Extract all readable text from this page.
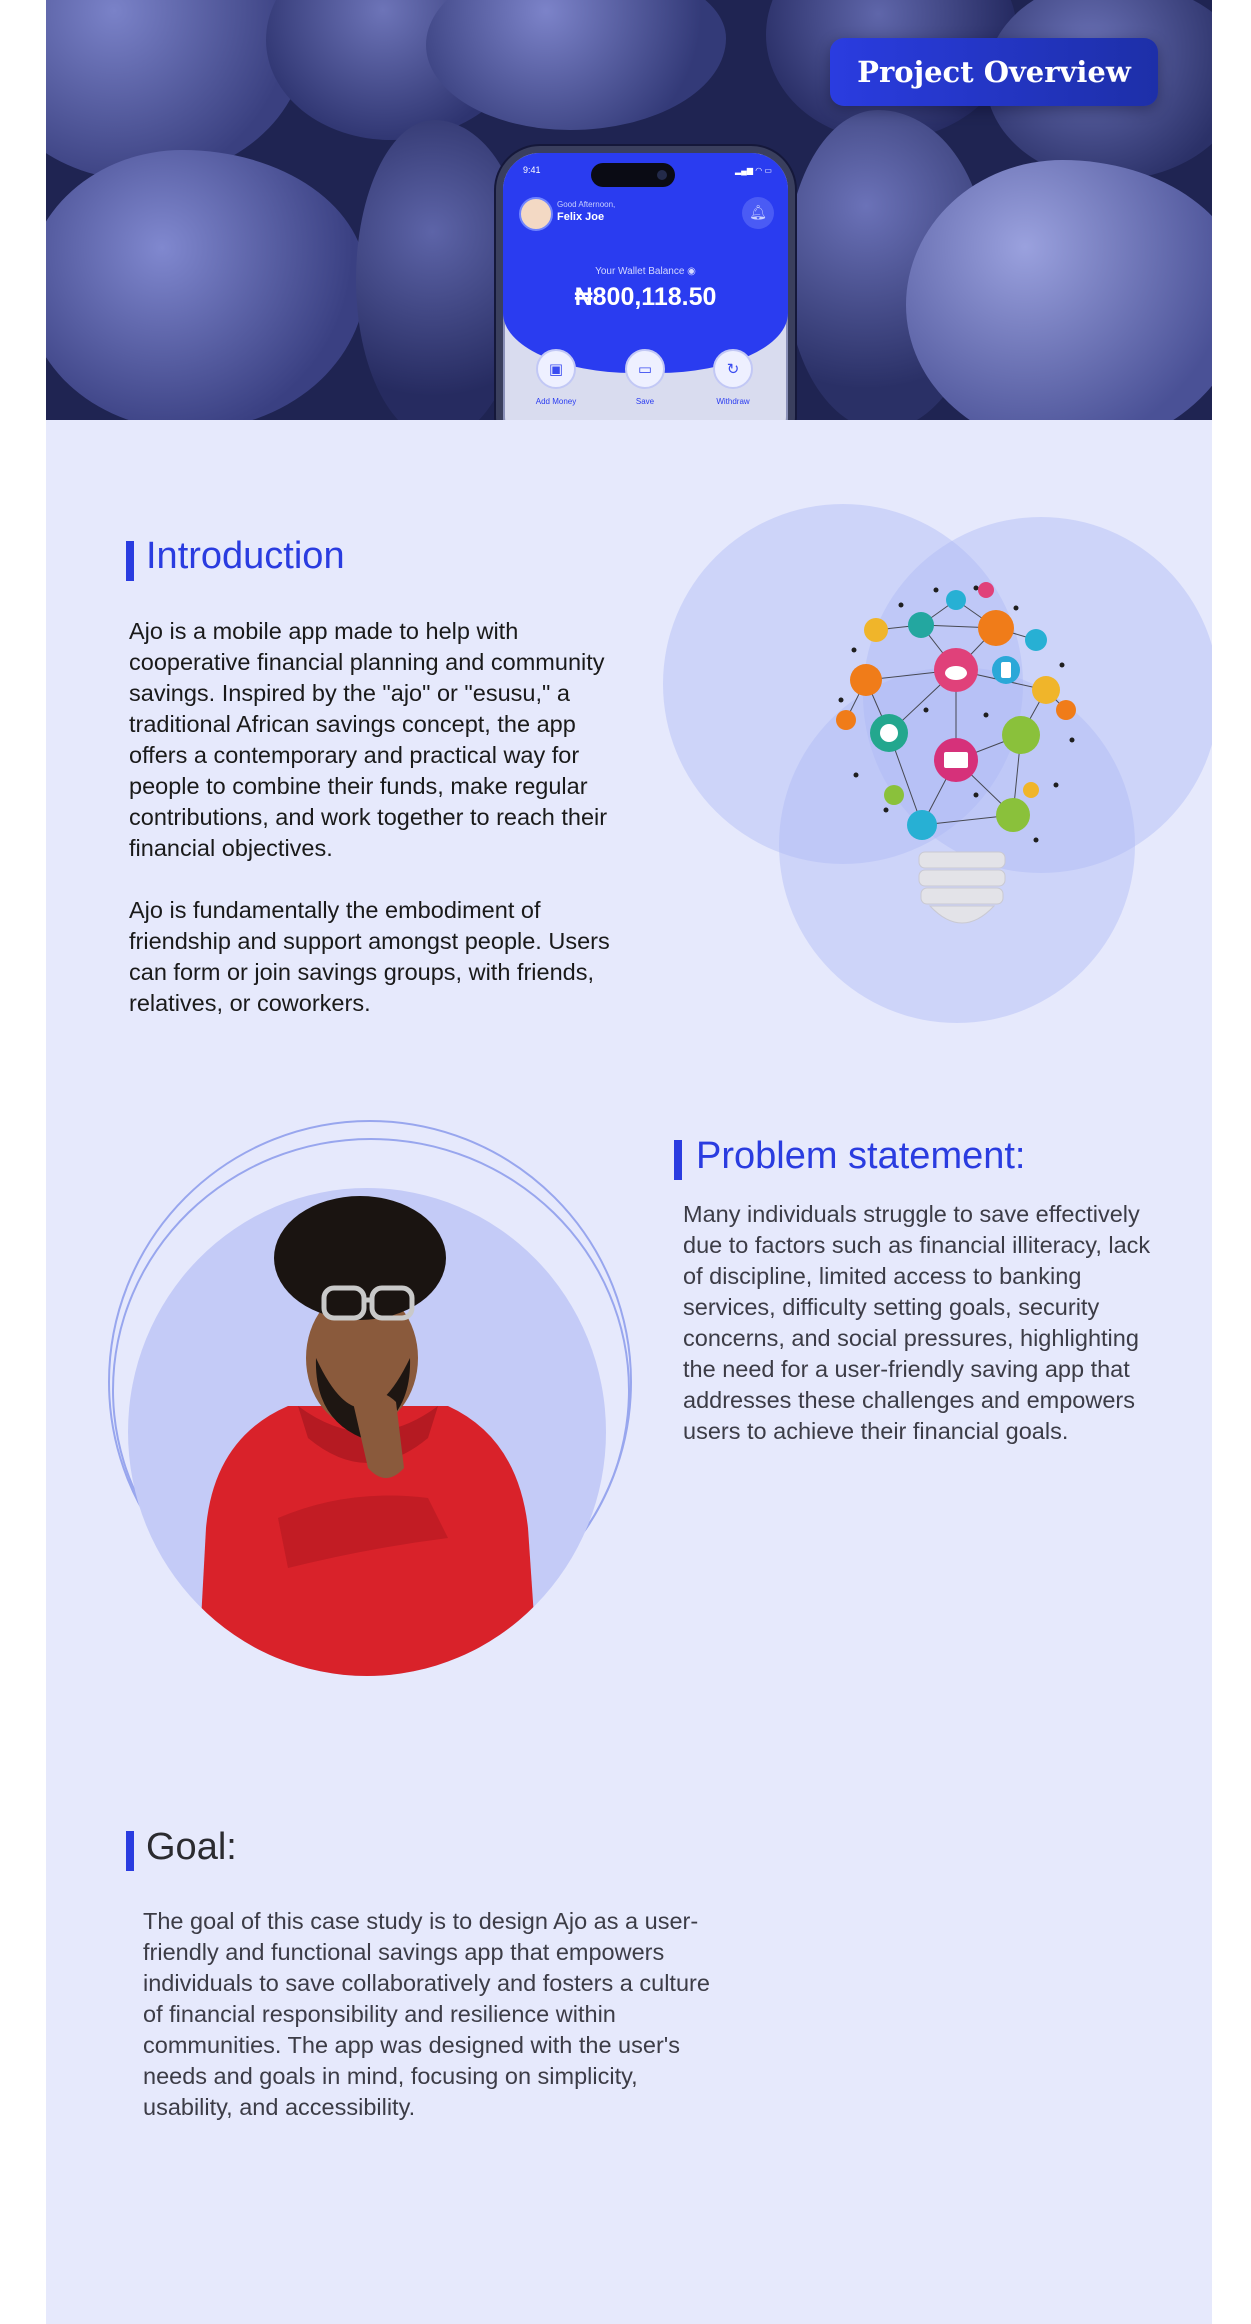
Project Overview
9:41	▂▄▆ ◠ ▭
Good Afternoon,
Felix Joe	🔔︎
Your Wallet Balance ◉
₦800,118.50
▣
Add Money
▭
Save
↻
Withdraw
Introduction

Ajo is a mobile app made to help with cooperative financial planning and community savings. Inspired by the "ajo" or "esusu," a traditional African savings concept, the app offers a contemporary and practical way for people to combine their funds, make regular contributions, and work together to reach their financial objectives.

Ajo is fundamentally the embodiment of friendship and support amongst people. Users can form or join savings groups, with friends, relatives, or coworkers.

Problem statement:

Many individuals struggle to save effectively due to factors such as financial illiteracy, lack of discipline, limited access to banking services, difficulty setting goals, security concerns, and social pressures, highlighting the need for a user-friendly saving app that addresses these challenges and empowers users to achieve their financial goals.

Goal:

The goal of this case study is to design Ajo as a user-friendly and functional savings app that empowers individuals to save collaboratively and fosters a culture of financial responsibility and resilience within communities. The app was designed with the user's needs and goals in mind, focusing on simplicity, usability, and accessibility.
